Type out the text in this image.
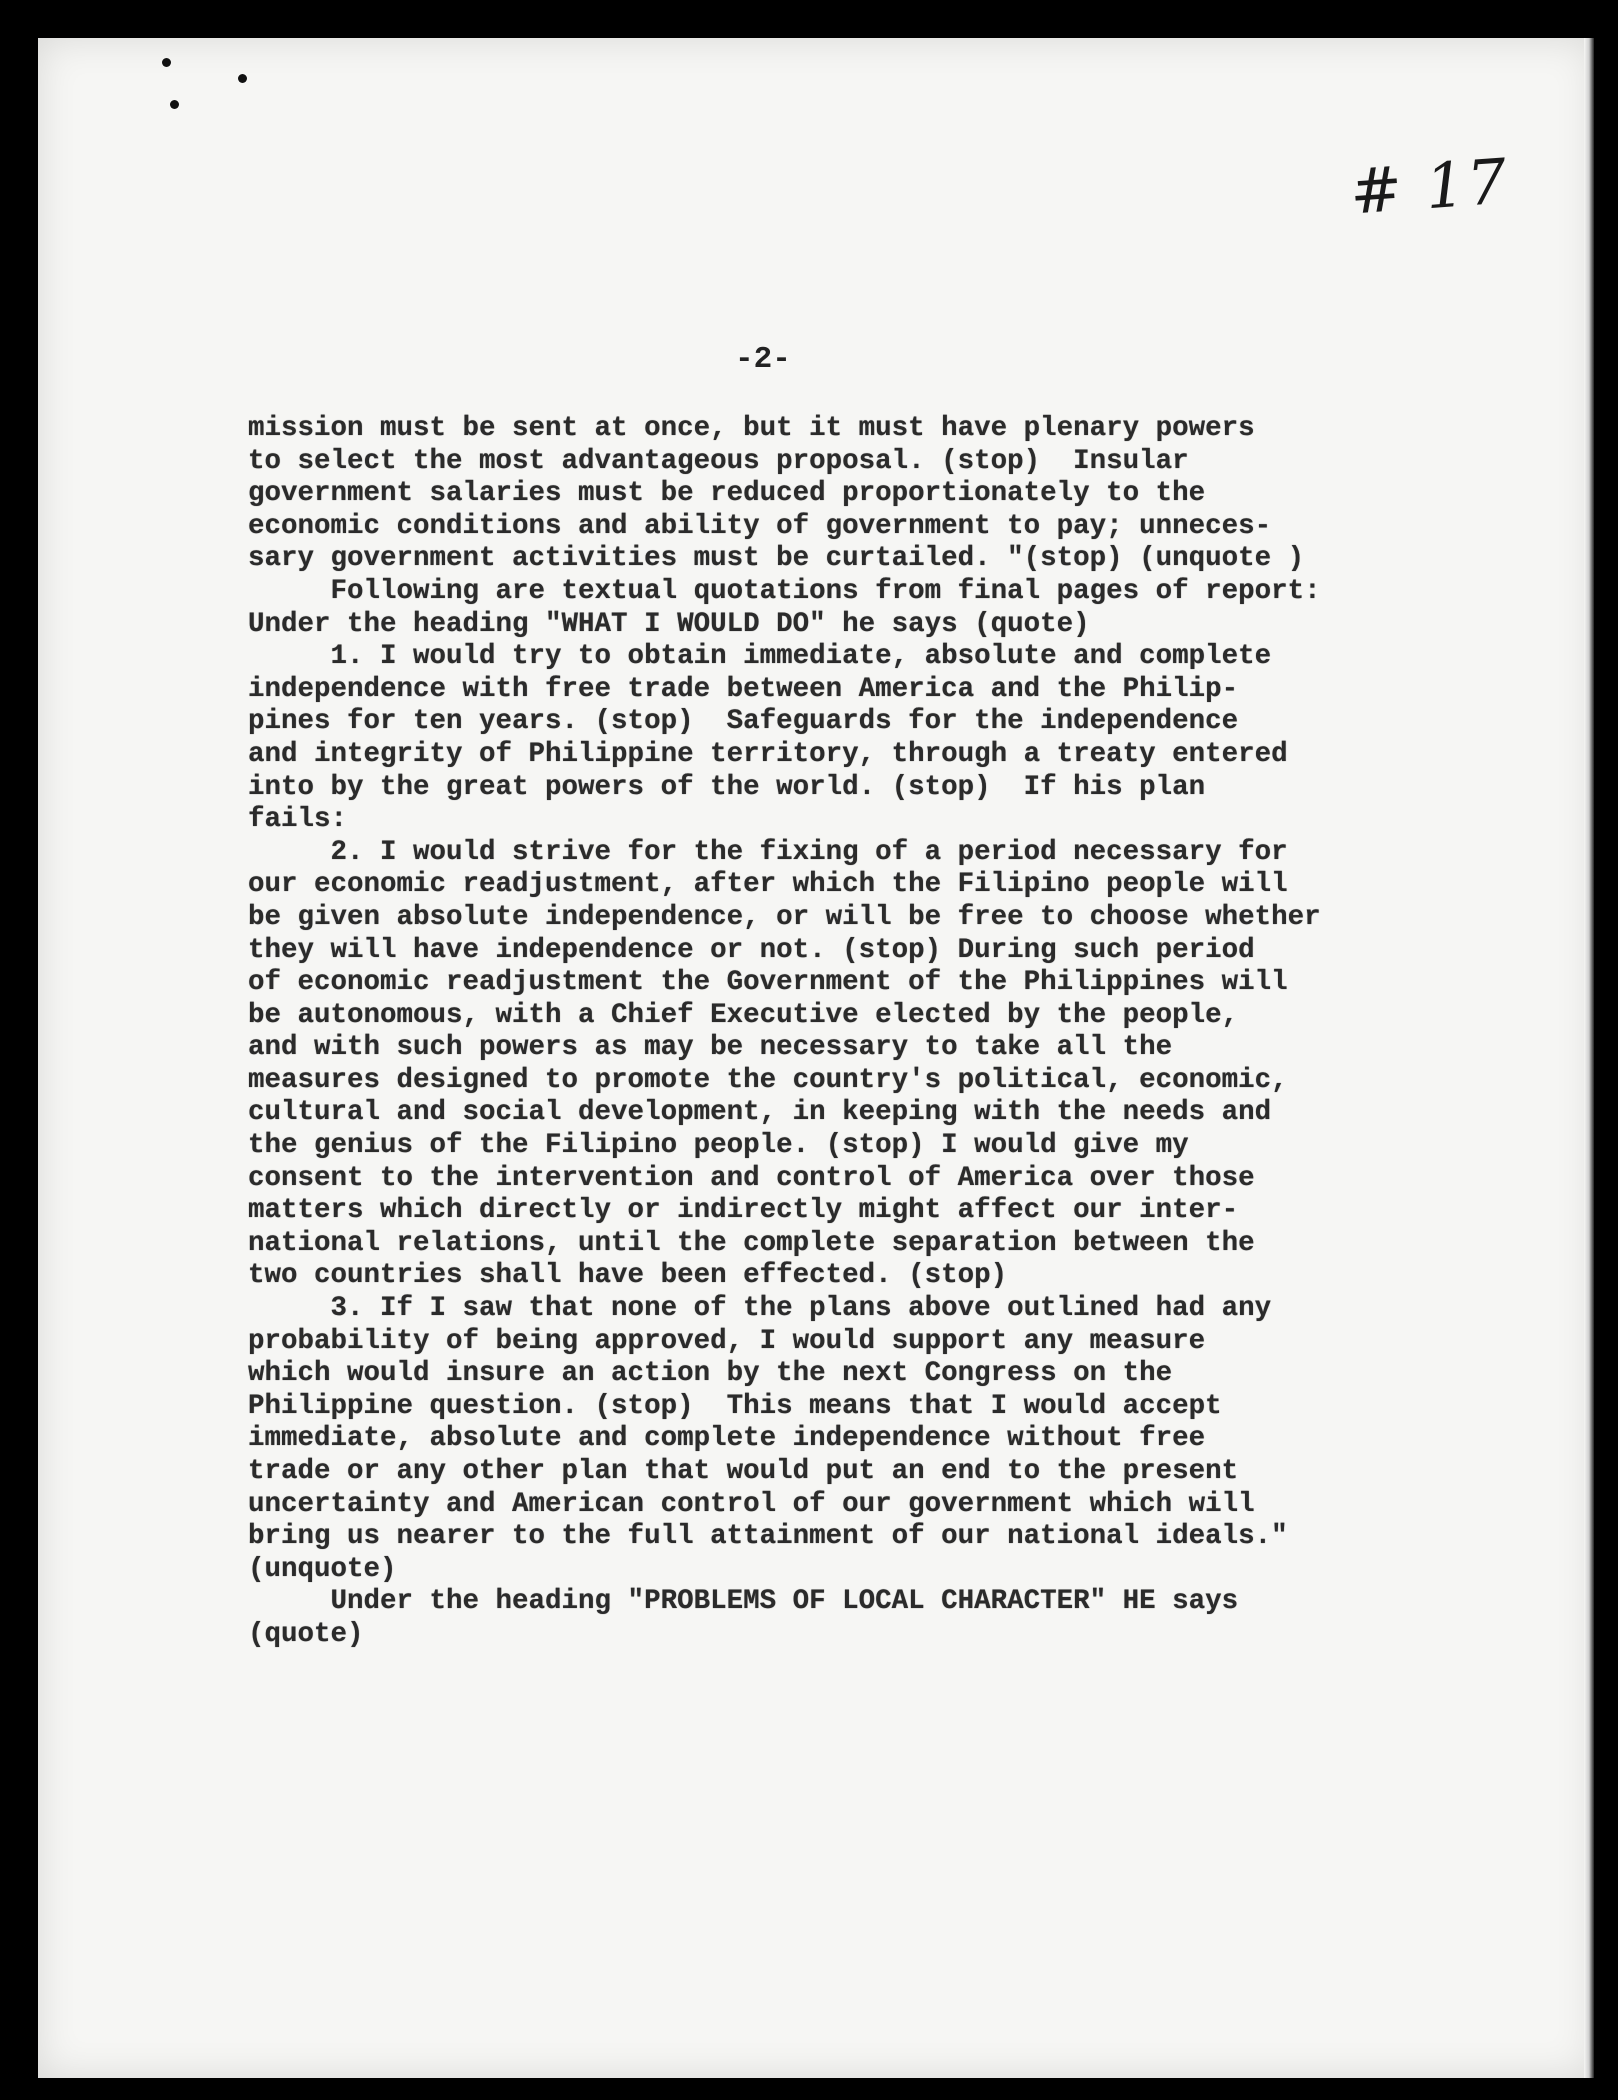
# 17
-2-
mission must be sent at once, but it must have plenary powers
to select the most advantageous proposal. (stop)  Insular
government salaries must be reduced proportionately to the
economic conditions and ability of government to pay; unneces-
sary government activities must be curtailed. "(stop) (unquote )
Following are textual quotations from final pages of report:
Under the heading "WHAT I WOULD DO" he says (quote)
1. I would try to obtain immediate, absolute and complete
independence with free trade between America and the Philip-
pines for ten years. (stop)  Safeguards for the independence
and integrity of Philippine territory, through a treaty entered
into by the great powers of the world. (stop)  If his plan
fails:
2. I would strive for the fixing of a period necessary for
our economic readjustment, after which the Filipino people will
be given absolute independence, or will be free to choose whether
they will have independence or not. (stop) During such period
of economic readjustment the Government of the Philippines will
be autonomous, with a Chief Executive elected by the people,
and with such powers as may be necessary to take all the
measures designed to promote the country's political, economic,
cultural and social development, in keeping with the needs and
the genius of the Filipino people. (stop) I would give my
consent to the intervention and control of America over those
matters which directly or indirectly might affect our inter-
national relations, until the complete separation between the
two countries shall have been effected. (stop)
3. If I saw that none of the plans above outlined had any
probability of being approved, I would support any measure
which would insure an action by the next Congress on the
Philippine question. (stop)  This means that I would accept
immediate, absolute and complete independence without free
trade or any other plan that would put an end to the present
uncertainty and American control of our government which will
bring us nearer to the full attainment of our national ideals."
(unquote)
Under the heading "PROBLEMS OF LOCAL CHARACTER" HE says
(quote)
